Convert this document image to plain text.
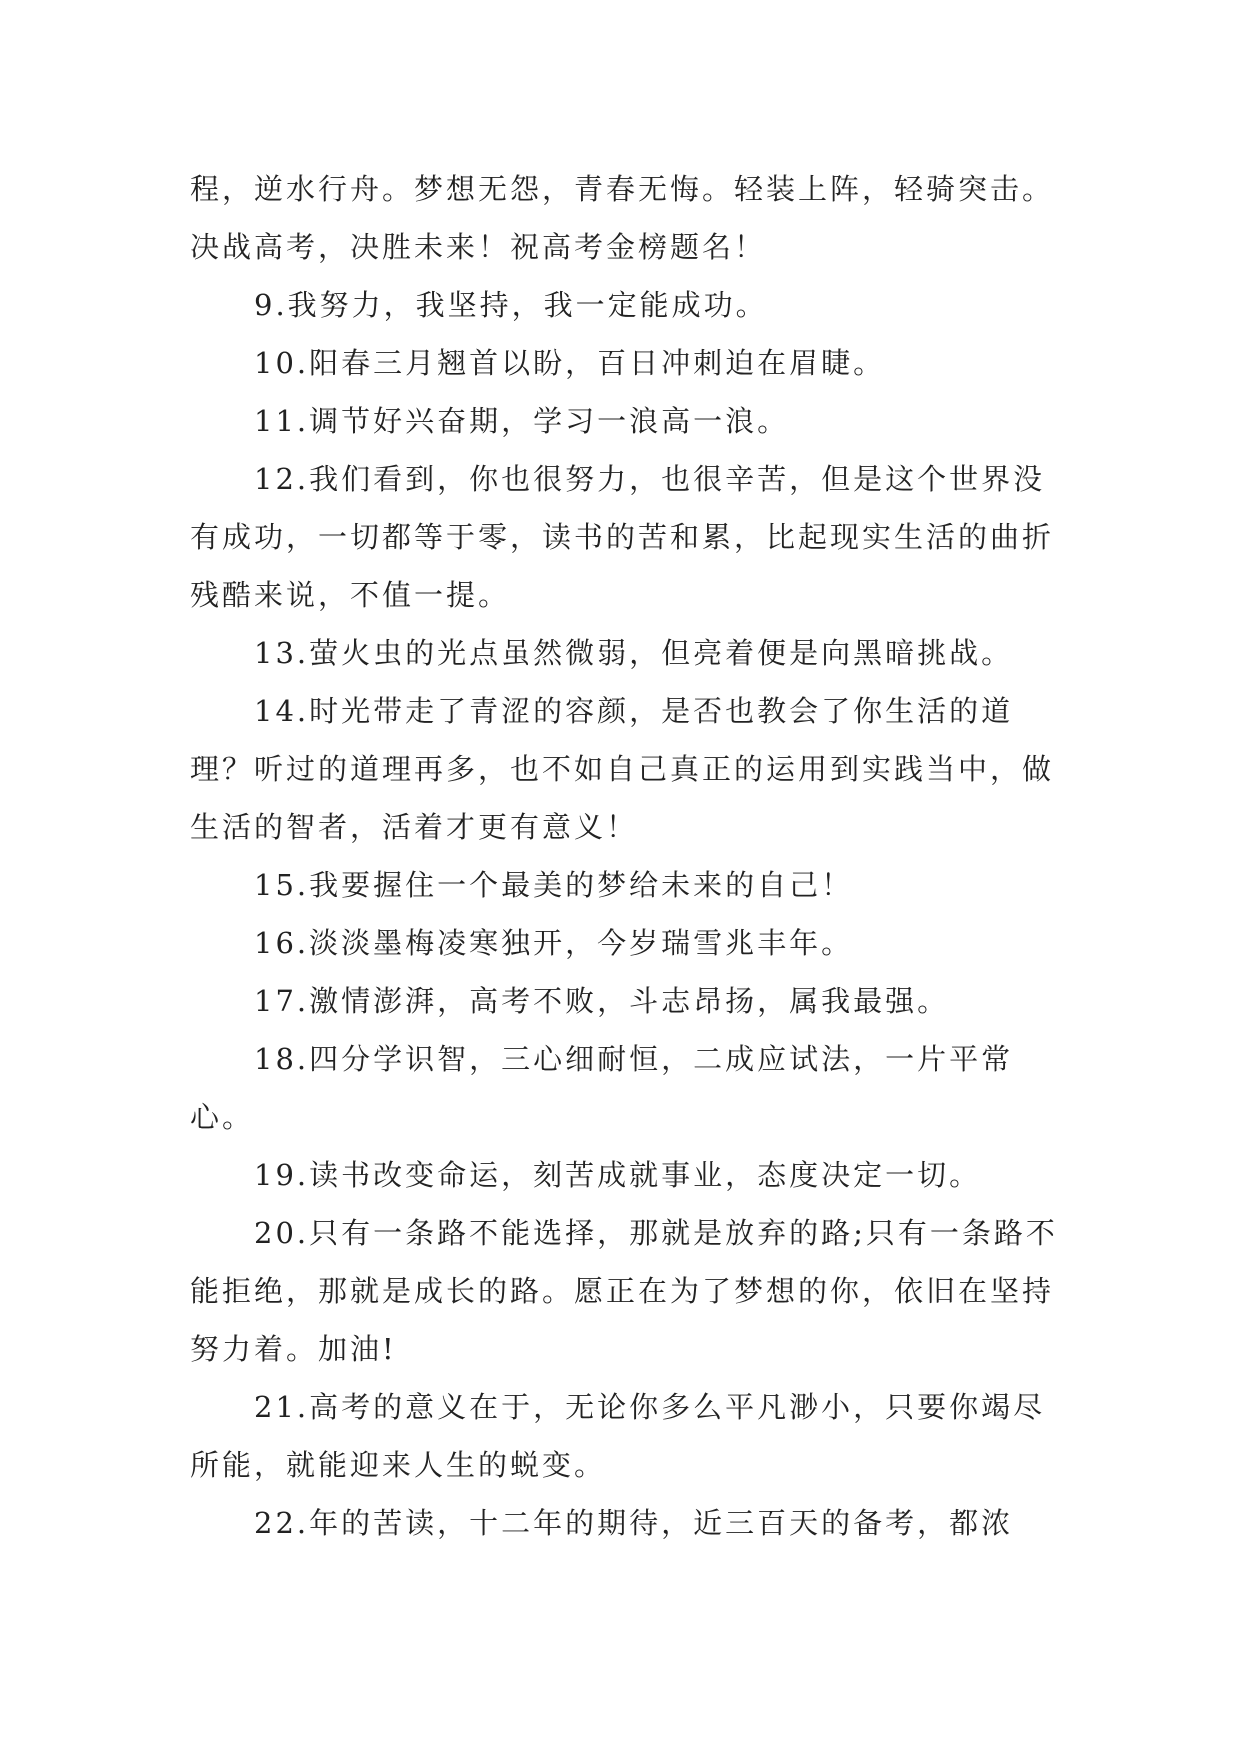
程，逆水行舟。梦想无怨，青春无悔。轻装上阵，轻骑突击。决战高考，决胜未来！祝高考金榜题名！

9.我努力，我坚持，我一定能成功。

10.阳春三月翘首以盼，百日冲刺迫在眉睫。

11.调节好兴奋期，学习一浪高一浪。

12.我们看到，你也很努力，也很辛苦，但是这个世界没有成功，一切都等于零，读书的苦和累，比起现实生活的曲折残酷来说，不值一提。

13.萤火虫的光点虽然微弱，但亮着便是向黑暗挑战。

14.时光带走了青涩的容颜，是否也教会了你生活的道理？听过的道理再多，也不如自己真正的运用到实践当中，做生活的智者，活着才更有意义！

15.我要握住一个最美的梦给未来的自己！

16.淡淡墨梅凌寒独开，今岁瑞雪兆丰年。

17.激情澎湃，高考不败，斗志昂扬，属我最强。

18.四分学识智，三心细耐恒，二成应试法，一片平常心。

19.读书改变命运，刻苦成就事业，态度决定一切。

20.只有一条路不能选择，那就是放弃的路;只有一条路不能拒绝，那就是成长的路。愿正在为了梦想的你，依旧在坚持努力着。加油!

21.高考的意义在于，无论你多么平凡渺小，只要你竭尽所能，就能迎来人生的蜕变。

22.年的苦读，十二年的期待，近三百天的备考，都浓
